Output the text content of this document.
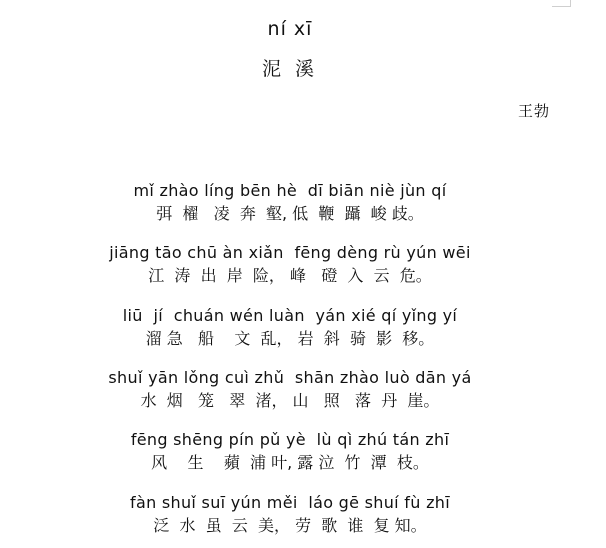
ní xī
泥 溪
王勃
mǐ zhào líng bēn hè  dī biān niè jùn qí
弭  櫂   凌  奔  壑, 低  鞭  躡  峻 歧。
jiāng tāo chū àn xiǎn  fēng dèng rù yún wēi
江  涛  出  岸  险， 峰   磴  入  云  危。
liū  jí  chuán wén luàn  yán xié qí yǐng yí
溜 急   船    文  乱， 岩  斜  骑  影  移。
shuǐ yān lǒng cuì zhǔ  shān zhào luò dān yá
水  烟   笼   翠  渚， 山   照   落  丹  崖。
fēng shēng pín pǔ yè  lù qì zhú tán zhī
风    生    蘋  浦 叶, 露 泣  竹  潭  枝。
fàn shuǐ suī yún měi  láo gē shuí fù zhī
泛  水  虽  云  美， 劳  歌  谁  复 知。
